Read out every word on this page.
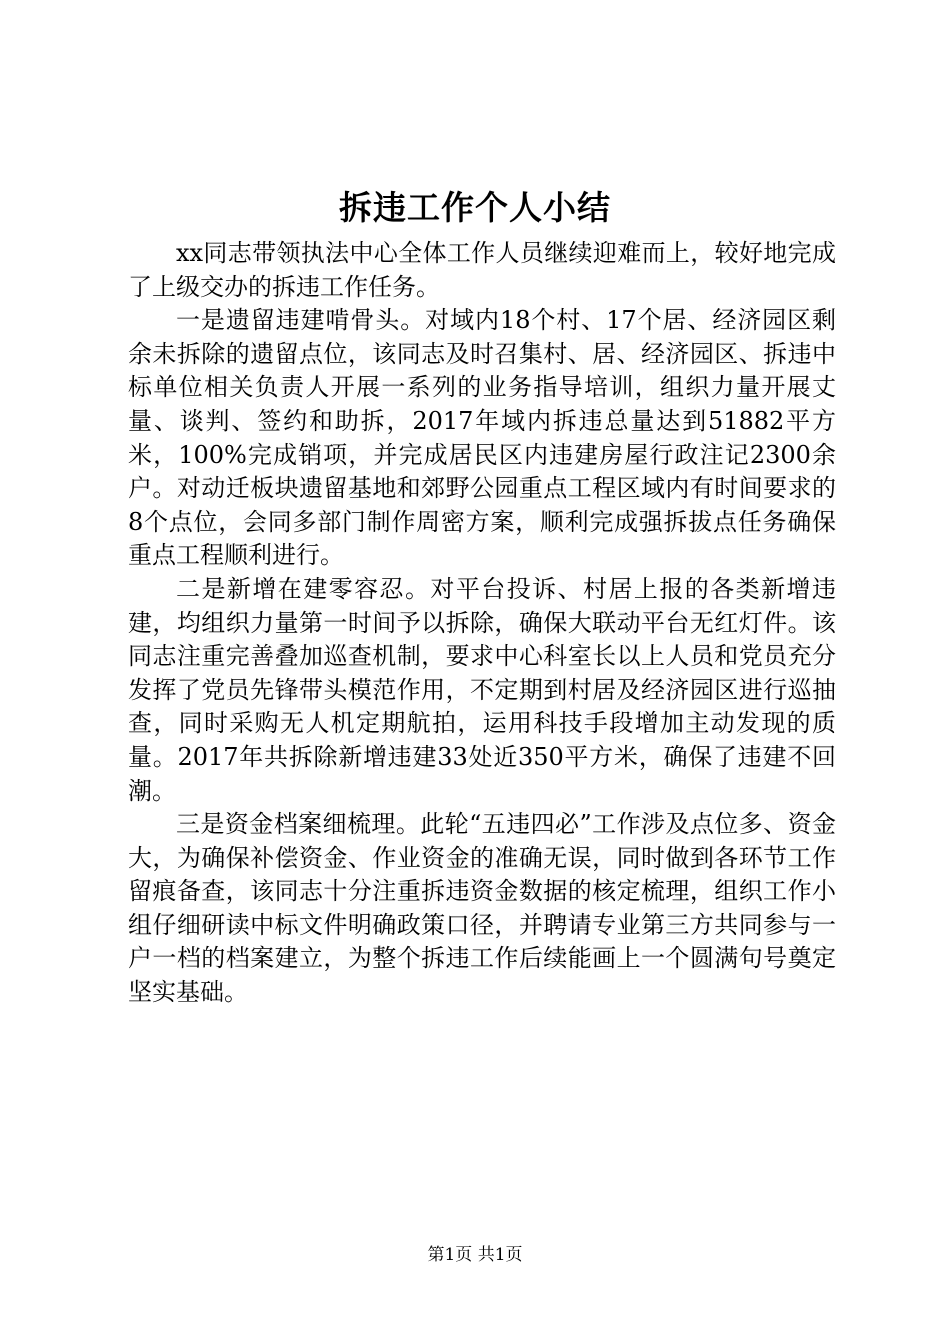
拆违工作个人小结

xx同志带领执法中心全体工作人员继续迎难而上，较好地完成了上级交办的拆违工作任务。

一是遗留违建啃骨头。对域内18个村、17个居、经济园区剩余未拆除的遗留点位，该同志及时召集村、居、经济园区、拆违中标单位相关负责人开展一系列的业务指导培训，组织力量开展丈量、谈判、签约和助拆，2017年域内拆违总量达到51882平方米，100%完成销项，并完成居民区内违建房屋行政注记2300余户。对动迁板块遗留基地和郊野公园重点工程区域内有时间要求的8个点位，会同多部门制作周密方案，顺利完成强拆拔点任务确保重点工程顺利进行。

二是新增在建零容忍。对平台投诉、村居上报的各类新增违建，均组织力量第一时间予以拆除，确保大联动平台无红灯件。该同志注重完善叠加巡查机制，要求中心科室长以上人员和党员充分发挥了党员先锋带头模范作用，不定期到村居及经济园区进行巡抽查，同时采购无人机定期航拍，运用科技手段增加主动发现的质量。2017年共拆除新增违建33处近350平方米，确保了违建不回潮。

三是资金档案细梳理。此轮“五违四必”工作涉及点位多、资金大，为确保补偿资金、作业资金的准确无误，同时做到各环节工作留痕备查，该同志十分注重拆违资金数据的核定梳理，组织工作小组仔细研读中标文件明确政策口径，并聘请专业第三方共同参与一户一档的档案建立，为整个拆违工作后续能画上一个圆满句号奠定坚实基础。

第1页 共1页
